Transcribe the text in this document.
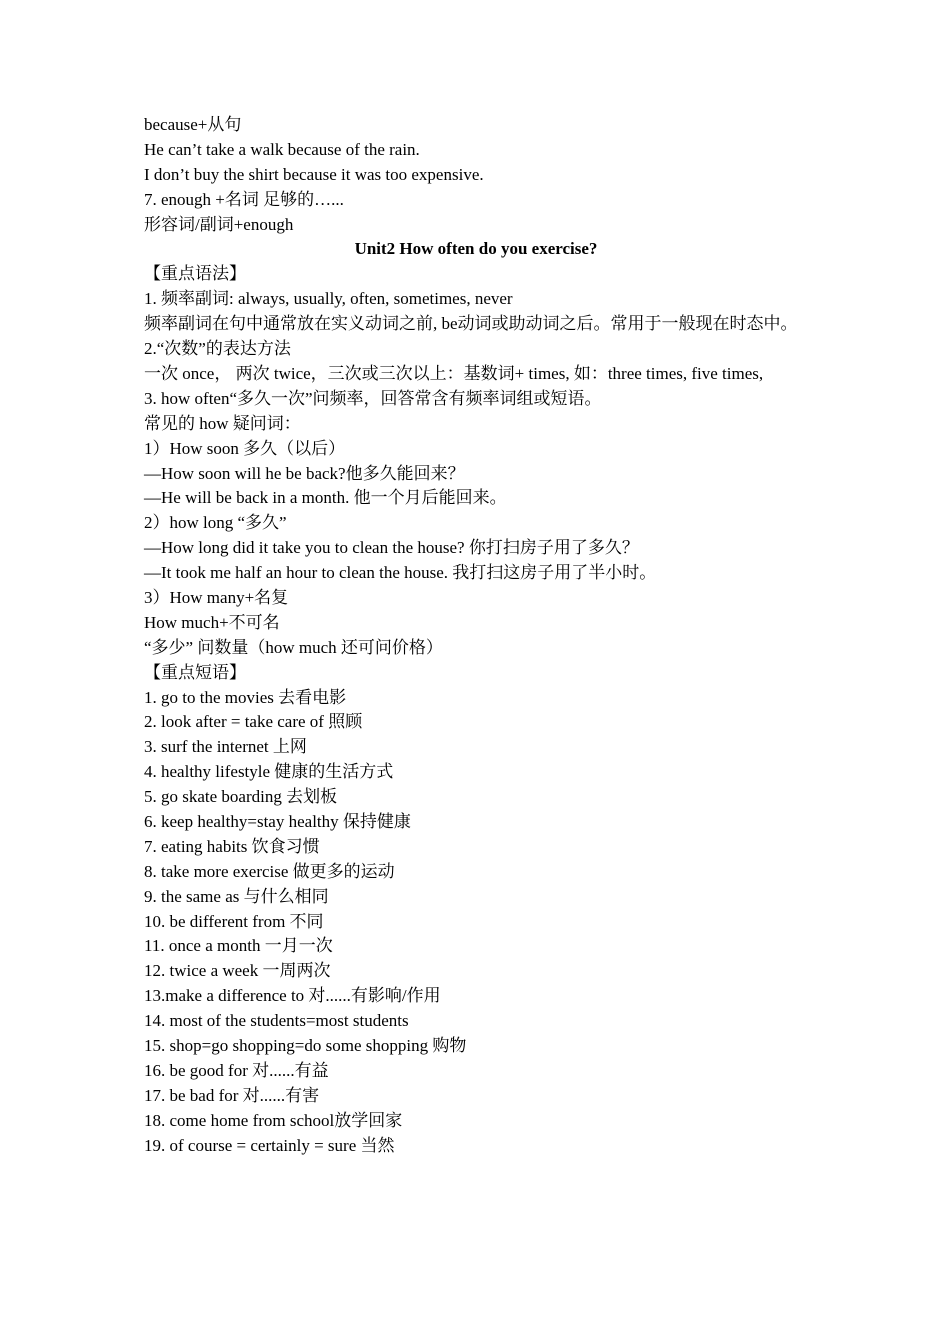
because+从句
He can’t take a walk because of the rain.
I don’t buy the shirt because it was too expensive.
7. enough +名词 足够的…...
形容词/副词+enough
Unit2 How often do you exercise?
【重点语法】
1. 频率副词: always, usually, often, sometimes, never
频率副词在句中通常放在实义动词之前, be动词或助动词之后。常用于一般现在时态中。
2.“次数”的表达方法
一次 once， 两次 twice，三次或三次以上：基数词+ times, 如：three times, five times,
3. how often“多久一次”问频率，回答常含有频率词组或短语。
常见的 how 疑问词：
1）How soon 多久（以后）
—How soon will he be back?他多久能回来？
—He will be back in a month. 他一个月后能回来。
2）how long “多久”
—How long did it take you to clean the house? 你打扫房子用了多久？
—It took me half an hour to clean the house. 我打扫这房子用了半小时。
3）How many+名复
How much+不可名
“多少” 问数量（how much 还可问价格）
【重点短语】
1. go to the movies 去看电影
2. look after = take care of 照顾
3. surf the internet 上网
4. healthy lifestyle 健康的生活方式
5. go skate boarding 去划板
6. keep healthy=stay healthy 保持健康
7. eating habits 饮食习惯
8. take more exercise 做更多的运动
9. the same as 与什么相同
10. be different from 不同
11. once a month 一月一次
12. twice a week 一周两次
13.make a difference to 对......有影响/作用
14. most of the students=most students
15. shop=go shopping=do some shopping 购物
16. be good for 对......有益
17. be bad for 对......有害
18. come home from school放学回家
19. of course = certainly = sure 当然
